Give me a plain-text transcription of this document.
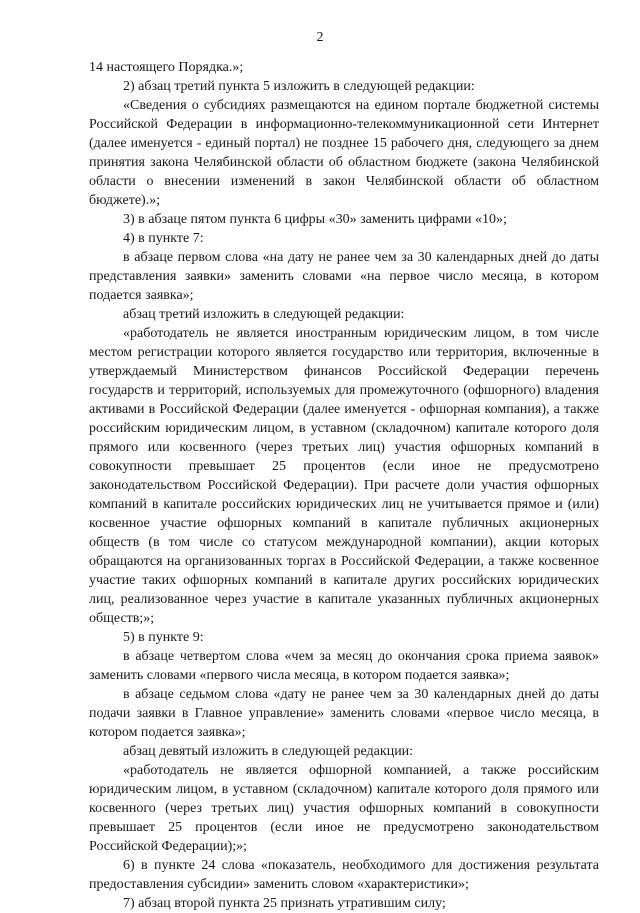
2

14 настоящего Порядка.»;

2) абзац третий пункта 5 изложить в следующей редакции:

«Сведения о субсидиях размещаются на едином портале бюджетной системы Российской Федерации в информационно-телекоммуникационной сети Интернет (далее именуется - единый портал) не позднее 15 рабочего дня, следующего за днем принятия закона Челябинской области об областном бюджете (закона Челябинской области о внесении изменений в закон Челябинской области об областном бюджете).»;

3) в абзаце пятом пункта 6 цифры «30» заменить цифрами «10»;

4) в пункте 7:

в абзаце первом слова «на дату не ранее чем за 30 календарных дней до даты представления заявки» заменить словами «на первое число месяца, в котором подается заявка»;

абзац третий изложить в следующей редакции:

«работодатель не является иностранным юридическим лицом, в том числе местом регистрации которого является государство или территория, включенные в утверждаемый Министерством финансов Российской Федерации перечень государств и территорий, используемых для промежуточного (офшорного) владения активами в Российской Федерации (далее именуется - офшорная компания), а также российским юридическим лицом, в уставном (складочном) капитале которого доля прямого или косвенного (через третьих лиц) участия офшорных компаний в совокупности превышает 25 процентов (если иное не предусмотрено законодательством Российской Федерации). При расчете доли участия офшорных компаний в капитале российских юридических лиц не учитывается прямое и (или) косвенное участие офшорных компаний в капитале публичных акционерных обществ (в том числе со статусом международной компании), акции которых обращаются на организованных торгах в Российской Федерации, а также косвенное участие таких офшорных компаний в капитале других российских юридических лиц, реализованное через участие в капитале указанных публичных акционерных обществ;»;

5) в пункте 9:

в абзаце четвертом слова «чем за месяц до окончания срока приема заявок» заменить словами «первого числа месяца, в котором подается заявка»;

в абзаце седьмом слова «дату не ранее чем за 30 календарных дней до даты подачи заявки в Главное управление» заменить словами «первое число месяца, в котором подается заявка»;

абзац девятый изложить в следующей редакции:

«работодатель не является офшорной компанией, а также российским юридическим лицом, в уставном (складочном) капитале которого доля прямого или косвенного (через третьих лиц) участия офшорных компаний в совокупности превышает 25 процентов (если иное не предусмотрено законодательством Российской Федерации);»;

6) в пункте 24 слова «показатель, необходимого для достижения результата предоставления субсидии» заменить словом «характеристики»;

7) абзац второй пункта 25 признать утратившим силу;
